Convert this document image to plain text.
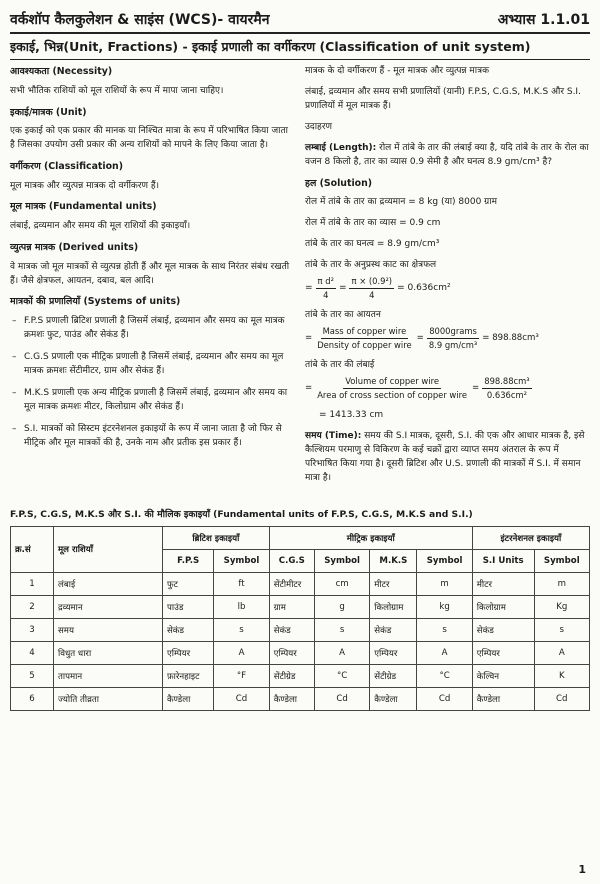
वर्कशॉप कैलकुलेशन & साइंस (WCS)- वायरमैन	अभ्यास 1.1.01
इकाई, भिन्न(Unit, Fractions) - इकाई प्रणाली का वर्गीकरण (Classification of unit system)
आवश्यकता (Necessity)

सभी भौतिक राशियों को मूल राशियों के रूप में मापा जाना चाहिए।

इकाई/मात्रक (Unit)

एक इकाई को एक प्रकार की मानक या निश्चित मात्रा के रूप में परिभाषित किया जाता है जिसका उपयोग उसी प्रकार की अन्य राशियों को मापने के लिए किया जाता है।

वर्गीकरण (Classification)

मूल मात्रक और व्युत्पन्न मात्रक दो वर्गीकरण हैं।

मूल मात्रक (Fundamental units)

लंबाई, द्रव्यमान और समय की मूल राशियों की इकाइयाँ।

व्युत्पन्न मात्रक (Derived units)

वे मात्रक जो मूल मात्रकों से व्युत्पन्न होती हैं और मूल मात्रक के साथ निरंतर संबंध रखती हैं। जैसे क्षेत्रफल, आयतन, दबाव, बल आदि।

मात्रकों की प्रणालियाँ (Systems of units)
– F.P.S प्रणाली ब्रिटिश प्रणाली है जिसमें लंबाई, द्रव्यमान और समय का मूल मात्रक क्रमशः फुट, पाउंड और सेकंड हैं।
– C.G.S प्रणाली एक मीट्रिक प्रणाली है जिसमें लंबाई, द्रव्यमान और समय का मूल मात्रक क्रमशः सेंटीमीटर, ग्राम और सेकंड हैं।
– M.K.S प्रणाली एक अन्य मीट्रिक प्रणाली है जिसमें लंबाई, द्रव्यमान और समय का मूल मात्रक क्रमशः मीटर, किलोग्राम और सेकंड हैं।
– S.I. मात्रकों को सिस्टम इंटरनेशनल इकाइयों के रूप में जाना जाता है जो फिर से मीट्रिक और मूल मात्रकों की है, उनके नाम और प्रतीक इस प्रकार हैं।

मात्रक के दो वर्गीकरण हैं - मूल मात्रक और व्युत्पन्न मात्रक

लंबाई, द्रव्यमान और समय सभी प्रणालियों (यानी) F.P.S, C.G.S, M.K.S और S.I. प्रणालियों में मूल मात्रक हैं।

उदाहरण

लम्बाई (Length): रोल में तांबे के तार की लंबाई क्या है, यदि तांबे के तार के रोल का वजन 8 किलो है, तार का व्यास 0.9 सेमी है और घनत्व 8.9 gm/cm³ है?

हल (Solution)

रोल में तांबे के तार का द्रव्यमान = 8 kg (या) 8000 ग्राम

रोल में तांबे के तार का व्यास = 0.9 cm

तांबे के तार का घनत्व = 8.9 gm/cm³

तांबे के तार के अनुप्रस्थ काट का क्षेत्रफल

= $\frac{\text{π d²}}{4} = \frac{\text{π × (0.9²)}}{4} = 0.636cm^2$

तांबे के तार का आयतन

= $\frac{\text{Mass of copper wire}}{\text{Density of copper wire}} = \frac{\text{8000grams}}{\text{8.9 gm/cm³}} = 898.88cm^3$

तांबे के तार की लंबाई

= $\frac{\text{Volume of copper wire}}{\text{Area of cross section of copper wire}} = \frac{\text{898.88cm³}}{\text{0.636cm²}}$

= 1413.33 cm

समय (Time): समय की S.I मात्रक, दूसरी, S.I. की एक और आधार मात्रक है, इसे कैल्शियम परमाणु से विकिरण के कई चक्रों द्वारा व्याप्त समय अंतराल के रूप में परिभाषित किया गया है। दूसरी ब्रिटिश और U.S. प्रणाली की मात्रकों में S.I. में समान मात्रा है।

F.P.S, C.G.S, M.K.S और S.I. की मौलिक इकाइयाँ (Fundamental units of F.P.S, C.G.S, M.K.S and S.I.)
क्र.सं	मूल राशियाँ	ब्रिटिश इकाइयाँ		मीट्रिक इकाइयाँ				इंटरनेशनल इकाइयाँ	
		F.P.S	Symbol	C.G.S	Symbol	M.K.S	Symbol	S.I Units	Symbol
1	लंबाई	फुट	ft	सेंटीमीटर	cm	मीटर	m	मीटर	m
2	द्रव्यमान	पाउंड	lb	ग्राम	g	किलोग्राम	kg	किलोग्राम	Kg
3	समय	सेकंड	s	सेकंड	s	सेकंड	s	सेकंड	s
4	विधुत धारा	एम्पियर	A	एम्पियर	A	एम्पियर	A	एम्पियर	A
5	तापमान	फ़ारेनहाइट	°F	सेंटीग्रेड	°C	सेंटीग्रेड	°C	केल्विन	K
6	ज्योति तीव्रता	कैण्डेला	Cd	कैण्डेला	Cd	कैण्डेला	Cd	कैण्डेला	Cd
1
